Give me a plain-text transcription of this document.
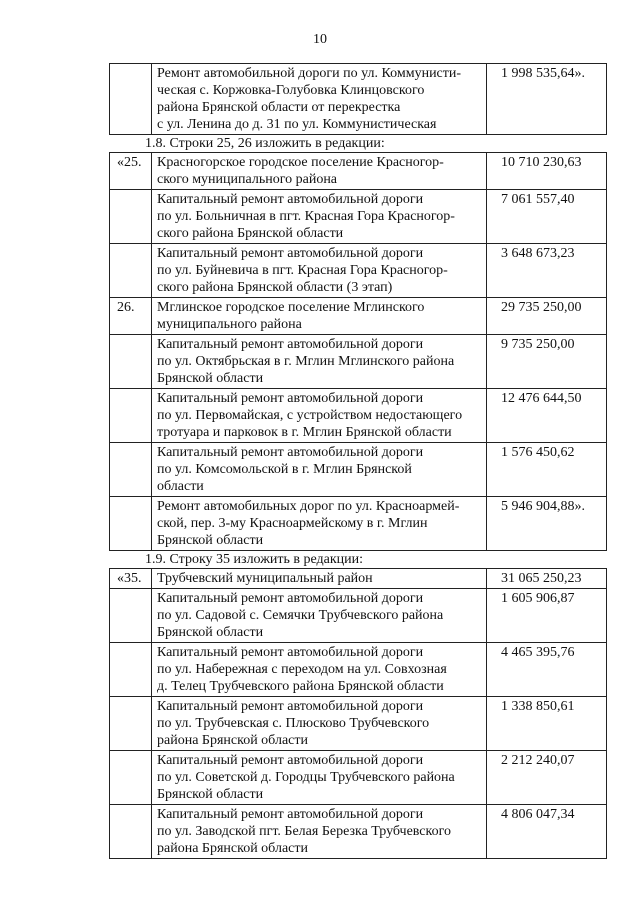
10
	Ремонт автомобильной дороги по ул. Коммунисти-
ческая с. Коржовка-Голубовка Клинцовского
района Брянской области от перекрестка
с ул. Ленина до д. 31 по ул. Коммунистическая	1 998 535,64».
1.8. Строки 25, 26 изложить в редакции:
«25.	Красногорское городское поселение Красногор-
ского муниципального района	10 710 230,63
	Капитальный ремонт автомобильной дороги
по ул. Больничная в пгт. Красная Гора Красногор-
ского района Брянской области	7 061 557,40
	Капитальный ремонт автомобильной дороги
по ул. Буйневича в пгт. Красная Гора Красногор-
ского района Брянской области (3 этап)	3 648 673,23
26.	Мглинское городское поселение Мглинского
муниципального района	29 735 250,00
	Капитальный ремонт автомобильной дороги
по ул. Октябрьская в г. Мглин Мглинского района
Брянской области	9 735 250,00
	Капитальный ремонт автомобильной дороги
по ул. Первомайская, с устройством недостающего
тротуара и парковок в г. Мглин Брянской области	12 476 644,50
	Капитальный ремонт автомобильной дороги
по ул. Комсомольской в г. Мглин Брянской
области	1 576 450,62
	Ремонт автомобильных дорог по ул. Красноармей-
ской, пер. 3-му Красноармейскому в г. Мглин
Брянской области	5 946 904,88».
1.9. Строку 35 изложить в редакции:
«35.	Трубчевский муниципальный район	31 065 250,23
	Капитальный ремонт автомобильной дороги
по ул. Садовой с. Семячки Трубчевского района
Брянской области	1 605 906,87
	Капитальный ремонт автомобильной дороги
по ул. Набережная с переходом на ул. Совхозная
д. Телец Трубчевского района Брянской области	4 465 395,76
	Капитальный ремонт автомобильной дороги
по ул. Трубчевская с. Плюсково Трубчевского
района Брянской области	1 338 850,61
	Капитальный ремонт автомобильной дороги
по ул. Советской д. Городцы Трубчевского района
Брянской области	2 212 240,07
	Капитальный ремонт автомобильной дороги
по ул. Заводской пгт. Белая Березка Трубчевского
района Брянской области	4 806 047,34
